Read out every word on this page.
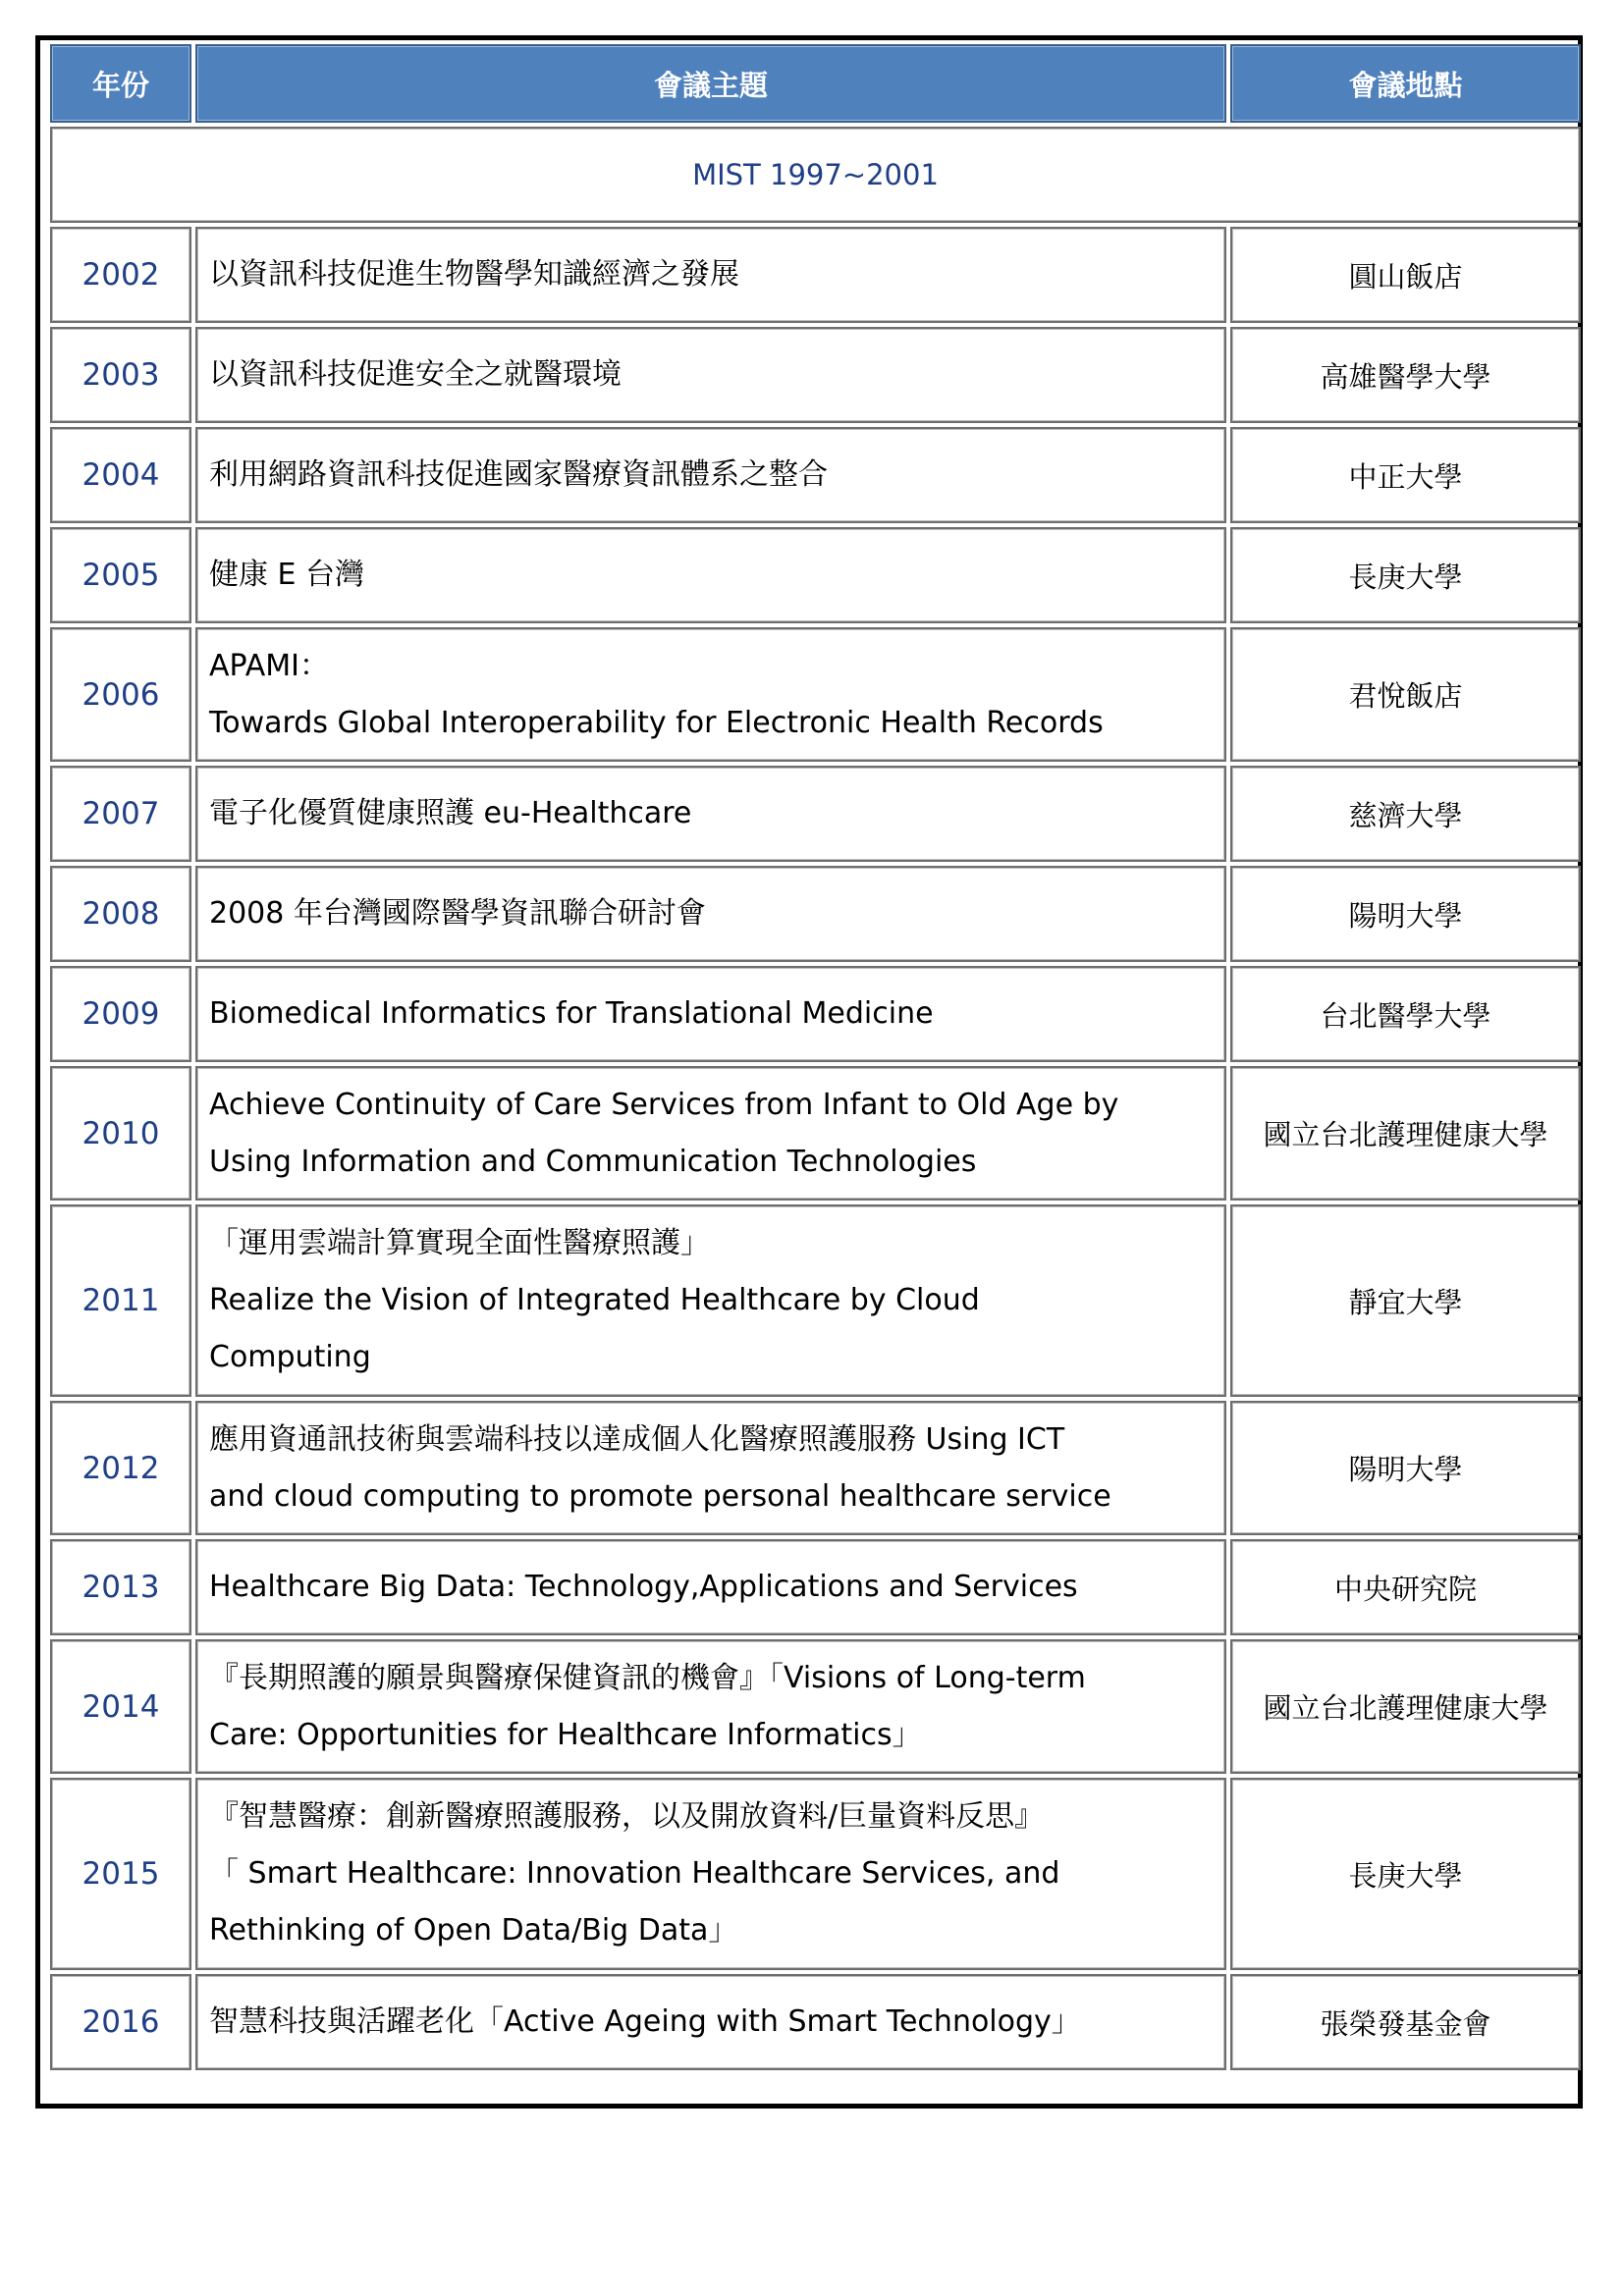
年份	會議主題	會議地點
MIST 1997~2001		
2002	以資訊科技促進生物醫學知識經濟之發展	圓山飯店
2003	以資訊科技促進安全之就醫環境	高雄醫學大學
2004	利用網路資訊科技促進國家醫療資訊體系之整合	中正大學
2005	健康 E 台灣	長庚大學
2006	APAMI：
Towards Global Interoperability for Electronic Health Records	君悅飯店
2007	電子化優質健康照護 eu-Healthcare	慈濟大學
2008	2008 年台灣國際醫學資訊聯合研討會	陽明大學
2009	Biomedical Informatics for Translational Medicine	台北醫學大學
2010	Achieve Continuity of Care Services from Infant to Old Age by
Using Information and Communication Technologies	國立台北護理健康大學
2011	「運用雲端計算實現全面性醫療照護」
Realize the Vision of Integrated Healthcare by Cloud
Computing	靜宜大學
2012	應用資通訊技術與雲端科技以達成個人化醫療照護服務 Using ICT
and cloud computing to promote personal healthcare service	陽明大學
2013	Healthcare Big Data: Technology,Applications and Services	中央研究院
2014	『長期照護的願景與醫療保健資訊的機會』「Visions of Long-term
Care: Opportunities for Healthcare Informatics」	國立台北護理健康大學
2015	『智慧醫療：創新醫療照護服務，以及開放資料/巨量資料反思』
「 Smart Healthcare: Innovation Healthcare Services, and
Rethinking of Open Data/Big Data」	長庚大學
2016	智慧科技與活躍老化「Active Ageing with Smart Technology」	張榮發基金會
